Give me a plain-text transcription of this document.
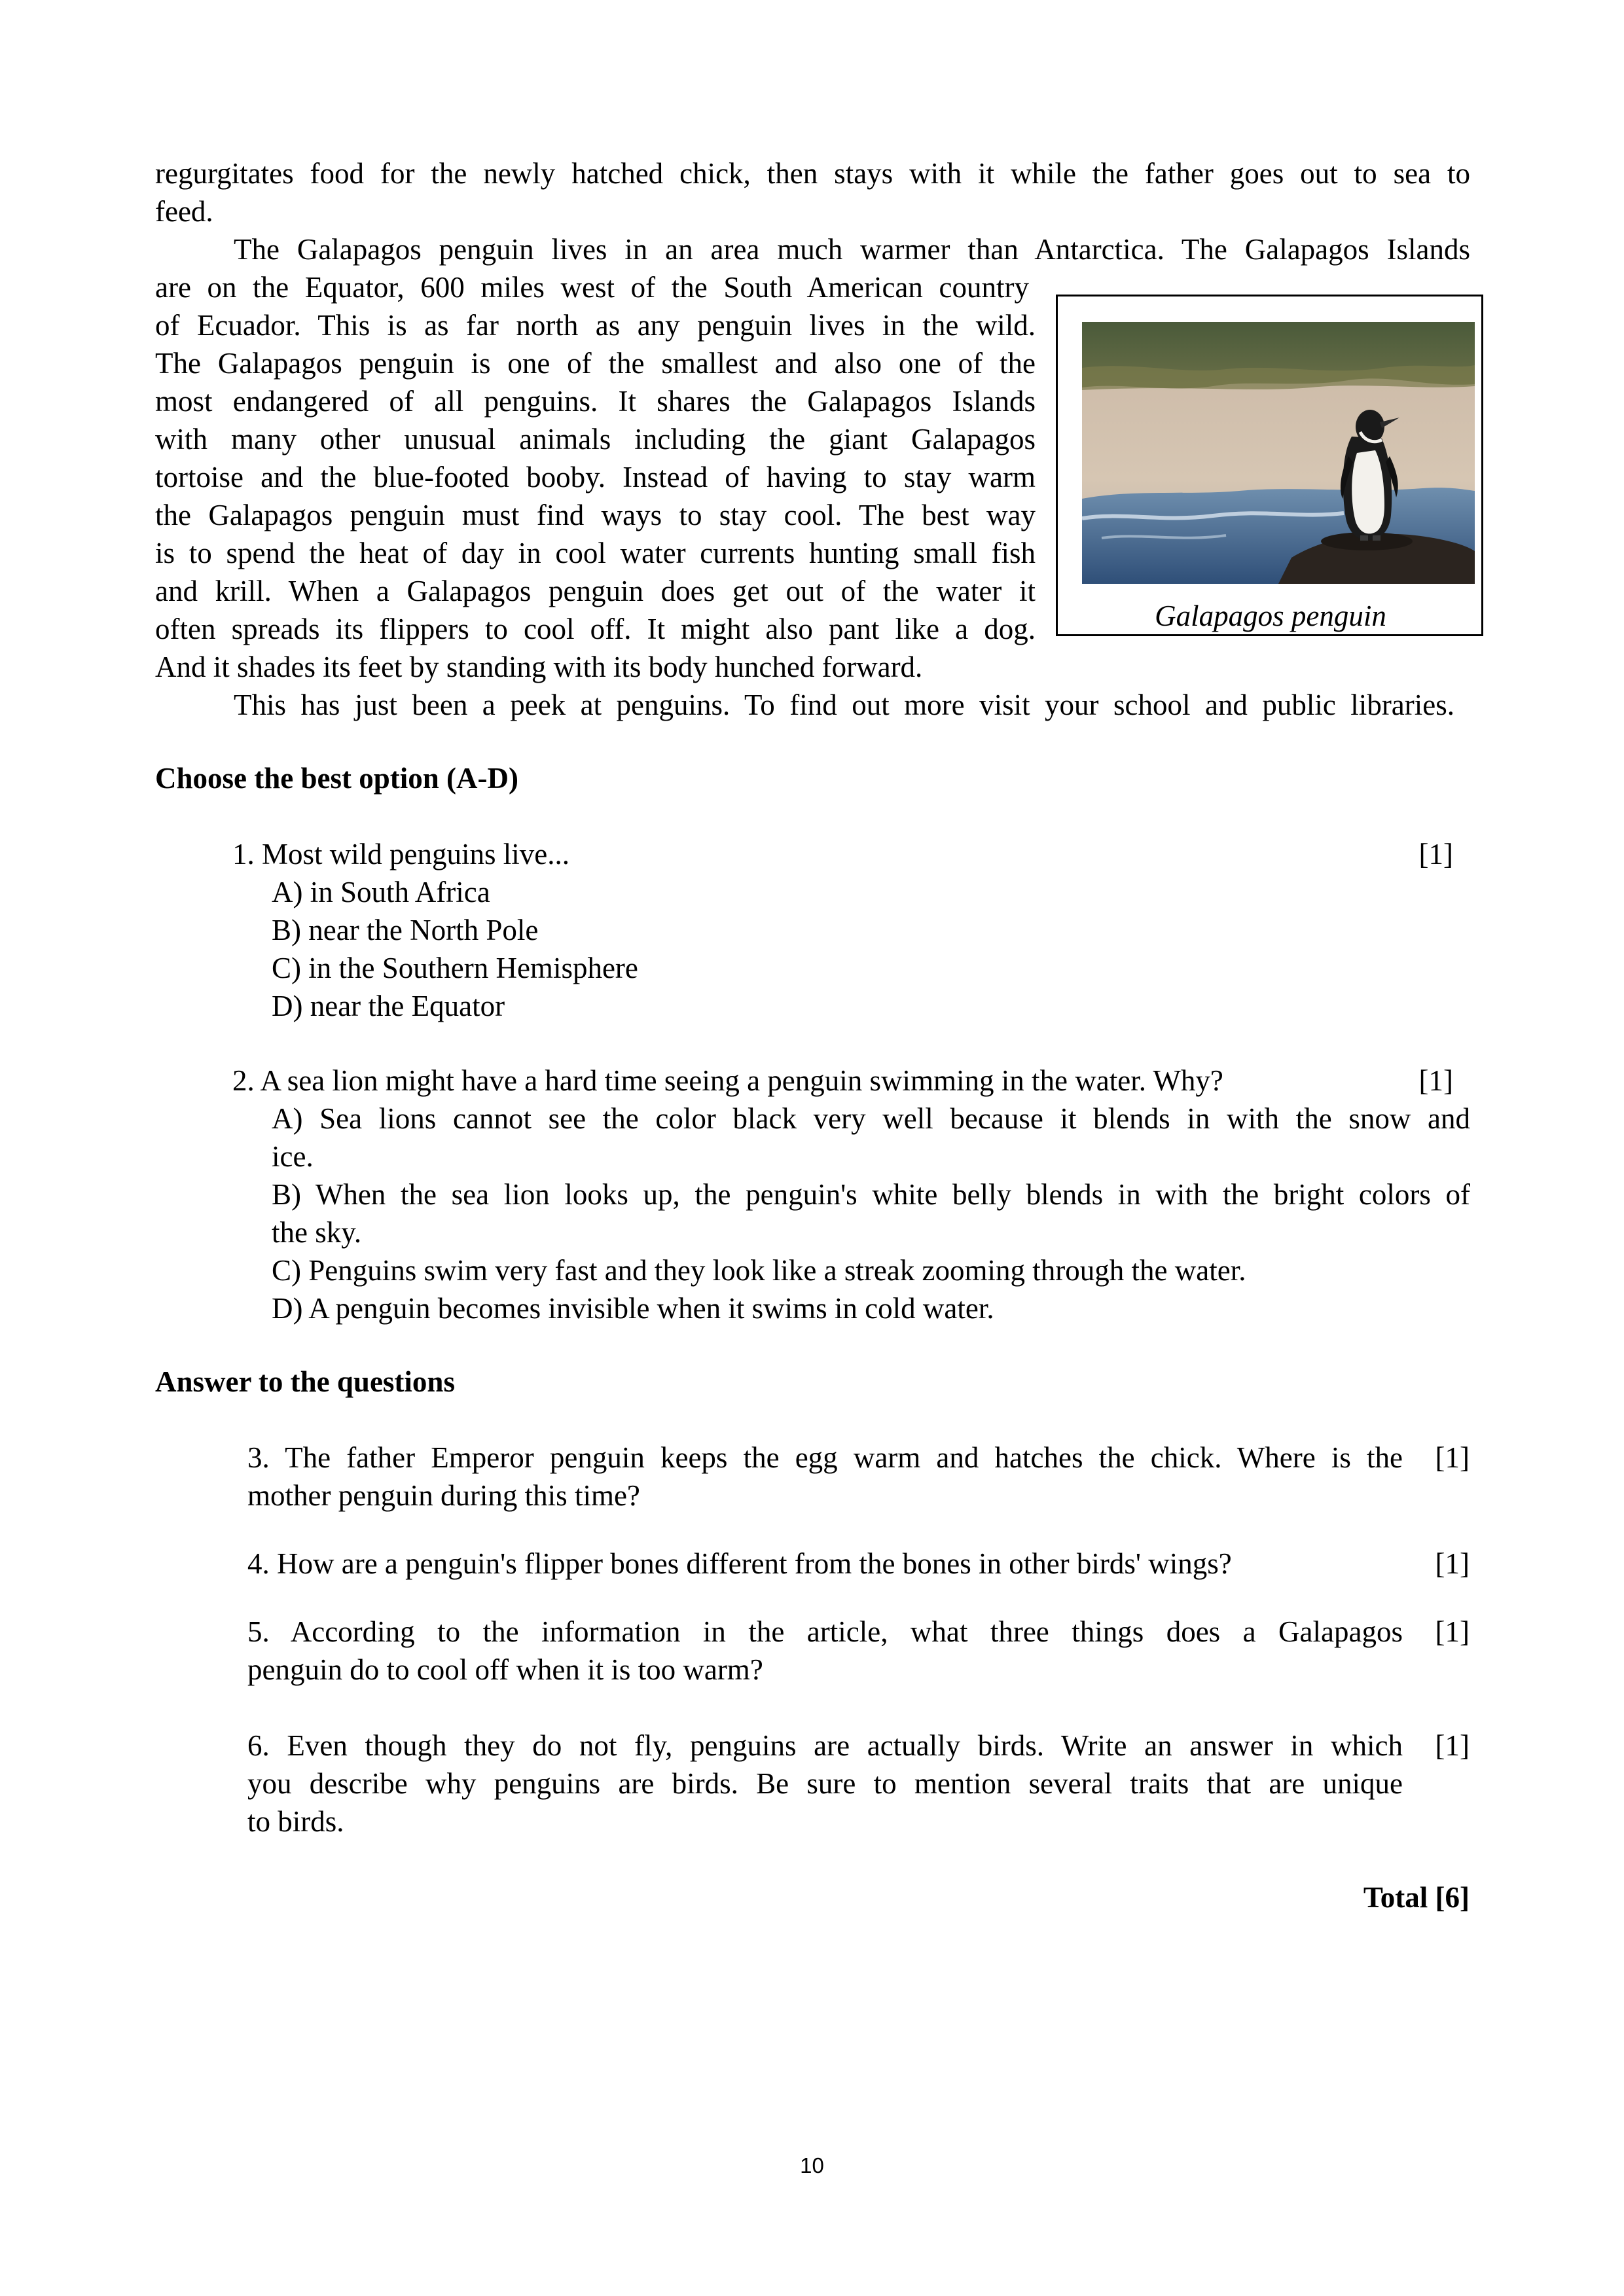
regurgitates food for the newly hatched chick, then stays with it while the father goes out to sea to
feed.
The Galapagos penguin lives in an area much warmer than Antarctica. The Galapagos Islands
are on the Equator, 600 miles west of the South American country
of Ecuador. This is as far north as any penguin lives in the wild.
The Galapagos penguin is one of the smallest and also one of the
most endangered of all penguins. It shares the Galapagos Islands
with many other unusual animals including the giant Galapagos
tortoise and the blue-footed booby. Instead of having to stay warm
the Galapagos penguin must find ways to stay cool. The best way
is to spend the heat of day in cool water currents hunting small fish
and krill. When a Galapagos penguin does get out of the water it
often spreads its flippers to cool off. It might also pant like a dog.
And it shades its feet by standing with its body hunched forward.
This has just been a peek at penguins. To find out more visit your school and public libraries.
Galapagos penguin
Choose the best option (A-D)
1. Most wild penguins live...	[1]
A) in South Africa
B) near the North Pole
C) in the Southern Hemisphere
D) near the Equator
2. A sea lion might have a hard time seeing a penguin swimming in the water. Why?	[1]
A) Sea lions cannot see the color black very well because it blends in with the snow and
ice.
B) When the sea lion looks up, the penguin's white belly blends in with the bright colors of
the sky.
C) Penguins swim very fast and they look like a streak zooming through the water.
D) A penguin becomes invisible when it swims in cold water.
Answer to the questions
3. The father Emperor penguin keeps the egg warm and hatches the chick. Where is the
mother penguin during this time?
[1]
4. How are a penguin's flipper bones different from the bones in other birds' wings?	[1]
5. According to the information in the article, what three things does a Galapagos
penguin do to cool off when it is too warm?
[1]
6. Even though they do not fly, penguins are actually birds. Write an answer in which
you describe why penguins are birds. Be sure to mention several traits that are unique
to birds.
[1]
Total [6]
10
